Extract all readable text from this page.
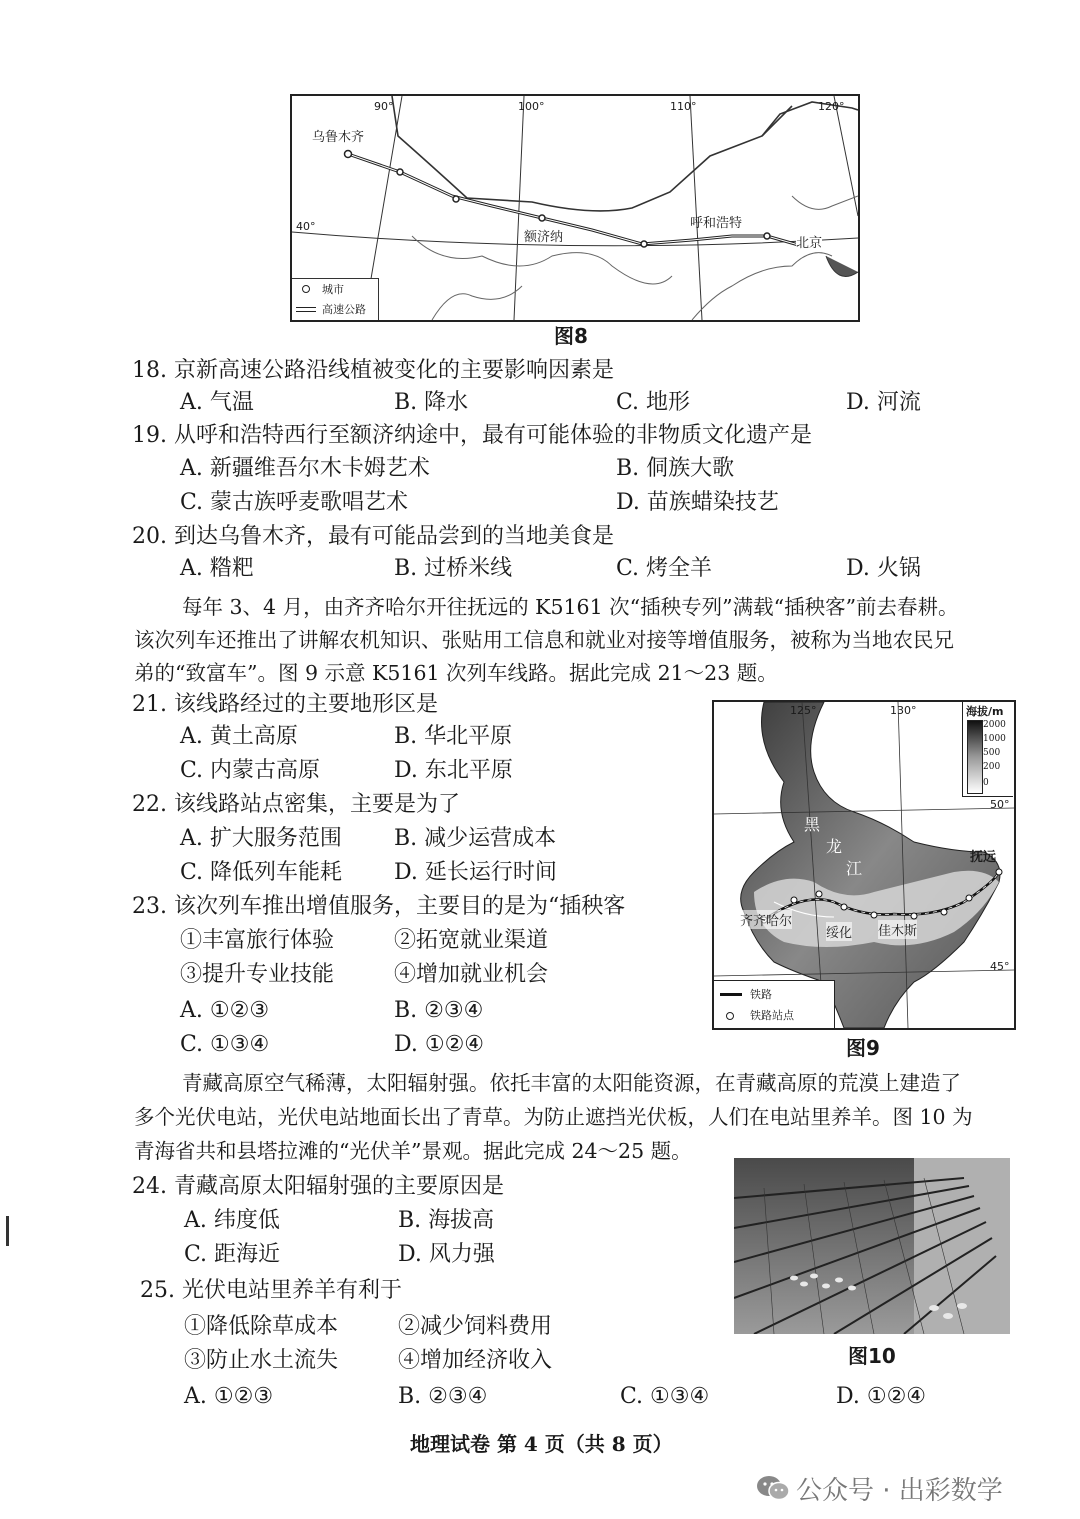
90°	100°	110°	120°
40°
乌鲁木齐
额济纳
呼和浩特
北京
城市
高速公路
图8
18. 京新高速公路沿线植被变化的主要影响因素是
A. 气温	B. 降水	C. 地形	D. 河流
19. 从呼和浩特西行至额济纳途中，最有可能体验的非物质文化遗产是
A. 新疆维吾尔木卡姆艺术	B. 侗族大歌
C. 蒙古族呼麦歌唱艺术	D. 苗族蜡染技艺
20. 到达乌鲁木齐，最有可能品尝到的当地美食是
A. 糌粑	B. 过桥米线	C. 烤全羊	D. 火锅
每年 3、4 月，由齐齐哈尔开往抚远的 K5161 次“插秧专列”满载“插秧客”前去春耕。
该次列车还推出了讲解农机知识、张贴用工信息和就业对接等增值服务，被称为当地农民兄
弟的“致富车”。图 9 示意 K5161 次列车线路。据此完成 21～23 题。
21. 该线路经过的主要地形区是
A. 黄土高原	B. 华北平原
C. 内蒙古高原	D. 东北平原
22. 该线路站点密集，主要是为了
A. 扩大服务范围 B. 减少运营成本
C. 降低列车能耗 D. 延长运行时间
23. 该次列车推出增值服务，主要目的是为“插秧客
①丰富旅行体验	②拓宽就业渠道
③提升专业技能	④增加就业机会
A. ①②③	B. ②③④
C. ①③④	D. ①②④
125°	130°
50°
45°
海拔/m
2000
1000
500
200
0
黑
龙
江
抚远
齐齐哈尔
绥化 佳木斯
铁路
铁路站点
图9
青藏高原空气稀薄，太阳辐射强。依托丰富的太阳能资源，在青藏高原的荒漠上建造了
多个光伏电站，光伏电站地面长出了青草。为防止遮挡光伏板，人们在电站里养羊。图 10 为
青海省共和县塔拉滩的“光伏羊”景观。据此完成 24～25 题。
图10
24. 青藏高原太阳辐射强的主要原因是
A. 纬度低	B. 海拔高
C. 距海近	D. 风力强
25. 光伏电站里养羊有利于
①降低除草成本	②减少饲料费用
③防止水土流失	④增加经济收入
A. ①②③	B. ②③④	C. ①③④	D. ①②④
地理试卷 第 4 页（共 8 页）
公众号 · 出彩数学
